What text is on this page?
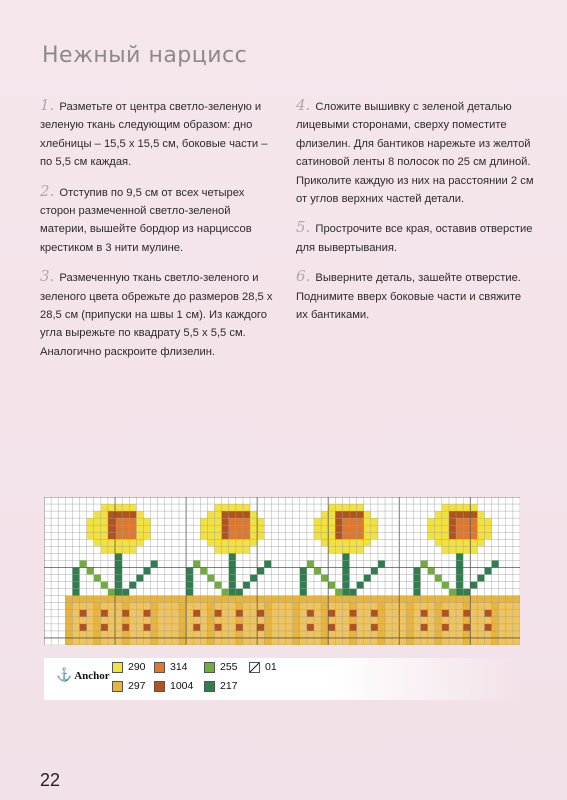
Нежный нарцисс
1. Разметьте от центра светло-зеленую и зеленую ткань следующим образом: дно хлебницы – 15,5 х 15,5 см, боковые части – по 5,5 см каждая.
2. Отступив по 9,5 см от всех четырех сторон размеченной светло-зеленой материи, вышейте бордюр из нарциссов крестиком в 3 нити мулине.
3. Размеченную ткань светло-зеленого и зеленого цвета обрежьте до размеров 28,5 х 28,5 см (припуски на швы 1 см). Из каждого угла вырежьте по квадрату 5,5 х 5,5 см. Аналогично раскроите флизелин.
4. Сложите вышивку с зеленой деталью лицевыми сторонами, сверху поместите флизелин. Для бантиков нарежьте из желтой сатиновой ленты 8 полосок по 25 см длиной. Приколите каждую из них на расстоянии 2 см от углов верхних частей детали.
5. Прострочите все края, оставив отверстие для вывертывания.
6. Выверните деталь, зашейте отверстие. Поднимите вверх боковые части и свяжите их бантиками.
⚓ Anchor
290
297
314
1004
255
217
01
22
